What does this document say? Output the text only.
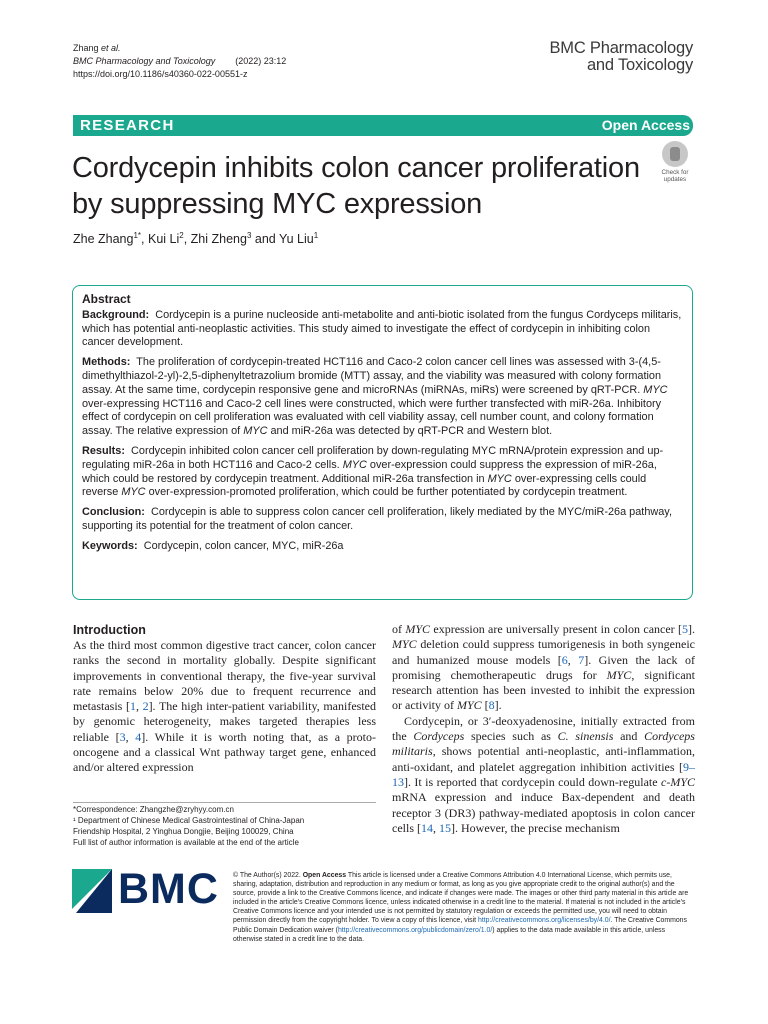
Zhang et al.
BMC Pharmacology and Toxicology (2022) 23:12
https://doi.org/10.1186/s40360-022-00551-z
BMC Pharmacology
and Toxicology
RESEARCH	Open Access
Cordycepin inhibits colon cancer proliferation by suppressing MYC expression
Check for
updates
Zhe Zhang$^{1*}$, Kui Li$^2$, Zhi Zheng$^3$ and Yu Liu$^1$
Abstract

Background: Cordycepin is a purine nucleoside anti-metabolite and anti-biotic isolated from the fungus Cordyceps militaris, which has potential anti-neoplastic activities. This study aimed to investigate the effect of cordycepin in inhibiting colon cancer development.

Methods: The proliferation of cordycepin-treated HCT116 and Caco-2 colon cancer cell lines was assessed with 3-(4,5-dimethylthiazol-2-yl)-2,5-diphenyltetrazolium bromide (MTT) assay, and the viability was measured with colony formation assay. At the same time, cordycepin responsive gene and microRNAs (miRNAs, miRs) were screened by qRT-PCR. MYC over-expressing HCT116 and Caco-2 cell lines were constructed, which were further transfected with miR-26a. Inhibitory effect of cordycepin on cell proliferation was evaluated with cell viability assay, cell number count, and colony formation assay. The relative expression of MYC and miR-26a was detected by qRT-PCR and Western blot.

Results: Cordycepin inhibited colon cancer cell proliferation by down-regulating MYC mRNA/protein expression and up-regulating miR-26a in both HCT116 and Caco-2 cells. MYC over-expression could suppress the expression of miR-26a, which could be restored by cordycepin treatment. Additional miR-26a transfection in MYC over-expressing cells could reverse MYC over-expression-promoted proliferation, which could be further potentiated by cordycepin treatment.

Conclusion: Cordycepin is able to suppress colon cancer cell proliferation, likely mediated by the MYC/miR-26a pathway, supporting its potential for the treatment of colon cancer.

Keywords: Cordycepin, colon cancer, MYC, miR-26a

Introduction

As the third most common digestive tract cancer, colon cancer ranks the second in mortality globally. Despite significant improvements in conventional therapy, the five-year survival rate remains below 20% due to frequent recurrence and metastasis [1, 2]. The high inter-patient variability, manifested by genomic heterogeneity, makes targeted therapies less reliable [3, 4]. While it is worth noting that, as a proto-oncogene and a classical Wnt pathway target gene, enhanced and/or altered expression

of MYC expression are universally present in colon cancer [5]. MYC deletion could suppress tumorigenesis in both syngeneic and humanized mouse models [6, 7]. Given the lack of promising chemotherapeutic drugs for MYC, significant research attention has been invested to inhibit the expression or activity of MYC [8].

Cordycepin, or 3′-deoxyadenosine, initially extracted from the Cordyceps species such as C. sinensis and Cordyceps militaris, shows potential anti-neoplastic, anti-inflammation, anti-oxidant, and platelet aggregation inhibition activities [9–13]. It is reported that cordycepin could down-regulate c-MYC mRNA expression and induce Bax-dependent and death receptor 3 (DR3) pathway-mediated apoptosis in colon cancer cells [14, 15]. However, the precise mechanism

*Correspondence: Zhangzhe@zryhyy.com.cn

¹ Department of Chinese Medical Gastrointestinal of China-Japan

Friendship Hospital, 2 Yinghua Dongjie, Beijing 100029, China

Full list of author information is available at the end of the article

BMC © The Author(s) 2022. Open Access This article is licensed under a Creative Commons Attribution 4.0 International License, which permits use, sharing, adaptation, distribution and reproduction in any medium or format, as long as you give appropriate credit to the original author(s) and the source, provide a link to the Creative Commons licence, and indicate if changes were made. The images or other third party material in this article are included in the article’s Creative Commons licence, unless indicated otherwise in a credit line to the material. If material is not included in the article’s Creative Commons licence and your intended use is not permitted by statutory regulation or exceeds the permitted use, you will need to obtain permission directly from the copyright holder. To view a copy of this licence, visit http://creativecommons.org/licenses/by/4.0/. The Creative Commons Public Domain Dedication waiver (http://creativecommons.org/publicdomain/zero/1.0/) applies to the data made available in this article, unless otherwise stated in a credit line to the data.
